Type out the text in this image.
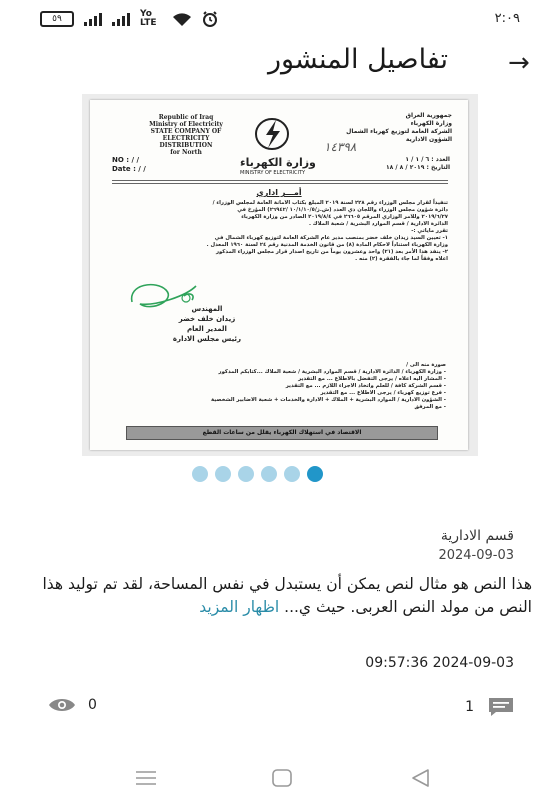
٥٩	Yo LTE	٢:٠٩
تفاصيل المنشور →
Republic of Iraq
Ministry of Electricity
STATE COMPANY OF
ELECTRICITY
DISTRIBUTION
for North
جمهورية العراق
وزارة الكهرباء
الشركة العامة لتوزيع كهرباء الشمال
الشؤون الادارية
١٤٣٩٨
وزارة الكهرباء
MINISTRY OF ELECTRICITY
NO : / /
Date : / /
العدد : ٦ / ١ / ١
التاريخ : ٢٠١٩ / ٨ / ١٨
أمـــر اداري
تنفيذاً لقرار مجلس الوزراء رقم ٢٢٨ لسنة ٢٠١٩ المبلغ بكتاب الامانة العامة لمجلس الوزراء /
دائرة شؤون مجلس الوزراء واللجان ذي العدد (ش.ز/١٠/١/١٠/٥ /٢٦٩٤٢) المؤرخ في
٢٠١٩/٦/٢٧ وللامر الوزاري المرقم ٢٦٦٠٥ في ٢٠١٩/٨/٤ الصادر من وزارة الكهرباء
الدائرة الادارية / قسم الموارد البشرية / شعبة الملاك .
تقرر ماياتي :-
١- تعيين السيد زيدان خلف خضر بمنصب مدير عام الشركة العامة لتوزيع كهرباء الشمال في
وزارة الكهرباء استناداً لاحكام المادة (٨) من قانون الخدمة المدنية رقم ٢٤ لسنة ١٩٦٠ المعدل .
٢- ينفذ هذا الأمر بعد (٢١) واحد وعشرون يوماً من تاريخ اصدار قرار مجلس الوزراء المذكور
اعلاه وفقاً لما جاء بالفقرة (٢) منه .
المهندس
زيدان خلف خضر
المدير العام
رئيس مجلس الادارة
صورة منه الى /
- وزارة الكهرباء / الدائرة الادارية / قسم الموارد البشرية / شعبة الملاك ...كتابكم المذكور
- المشار اليه اعلاه / يرجى التفضل بالاطلاع ... مع التقدير
- قسم الشركة كافة / للعلم واتخاذ الاجراء اللازم ... مع التقدير
- فرع توزيع كهرباء / يرجى الاطلاع ... مع التقدير
- الشؤون الادارية / الموارد البشرية + الملاك + الادارة والخدمات + شعبة الاضابير الشخصية
- مع المرفق
الاقتصاد في استهلاك الكهرباء يقلل من ساعات القطع
قسم الادارية
2024-09-03
هذا النص هو مثال لنص يمكن أن يستبدل في نفس المساحة، لقد تم توليد هذا النص من مولد النص العربى. حيث ي... اظهار المزيد
09:57:36 2024-09-03
0	1
